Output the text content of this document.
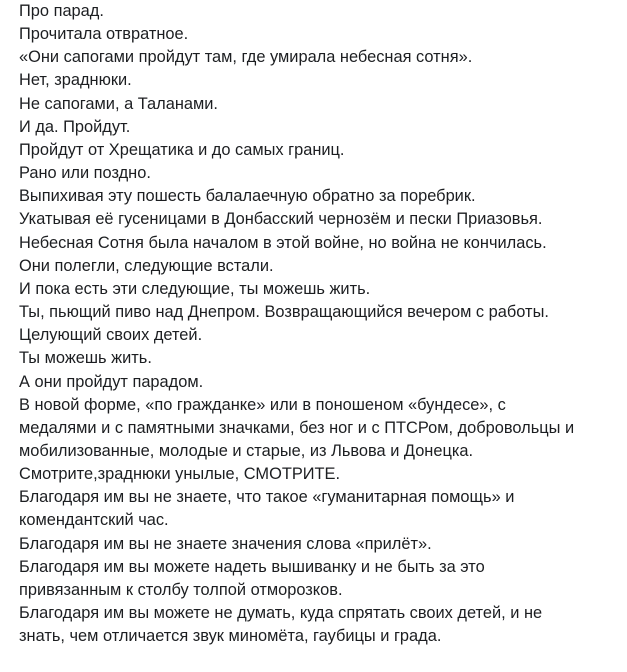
Про парад.
Прочитала отвратное.
«Они сапогами пройдут там, где умирала небесная сотня».
Нет, зраднюки.
Не сапогами, а Таланами.
И да. Пройдут.
Пройдут от Хрещатика и до самых границ.
Рано или поздно.
Выпихивая эту пошесть балалаечную обратно за поребрик.
Укатывая её гусеницами в Донбасский чернозём и пески Приазовья.
Небесная Сотня была началом в этой войне, но война не кончилась.
Они полегли, следующие встали.
И пока есть эти следующие, ты можешь жить.
Ты, пьющий пиво над Днепром. Возвращающийся вечером с работы.
Целующий своих детей.
Ты можешь жить.
А они пройдут парадом.
В новой форме, «по гражданке» или в поношеном «бундесе», с
медалями и с памятными значками, без ног и с ПТСРом, добровольцы и
мобилизованные, молодые и старые, из Львова и Донецка.
Смотрите,зраднюки унылые, СМОТРИТЕ.
Благодаря им вы не знаете, что такое «гуманитарная помощь» и
комендантский час.
Благодаря им вы не знаете значения слова «прилёт».
Благодаря им вы можете надеть вышиванку и не быть за это
привязанным к столбу толпой отморозков.
Благодаря им вы можете не думать, куда спрятать своих детей, и не
знать, чем отличается звук миномёта, гаубицы и града.
